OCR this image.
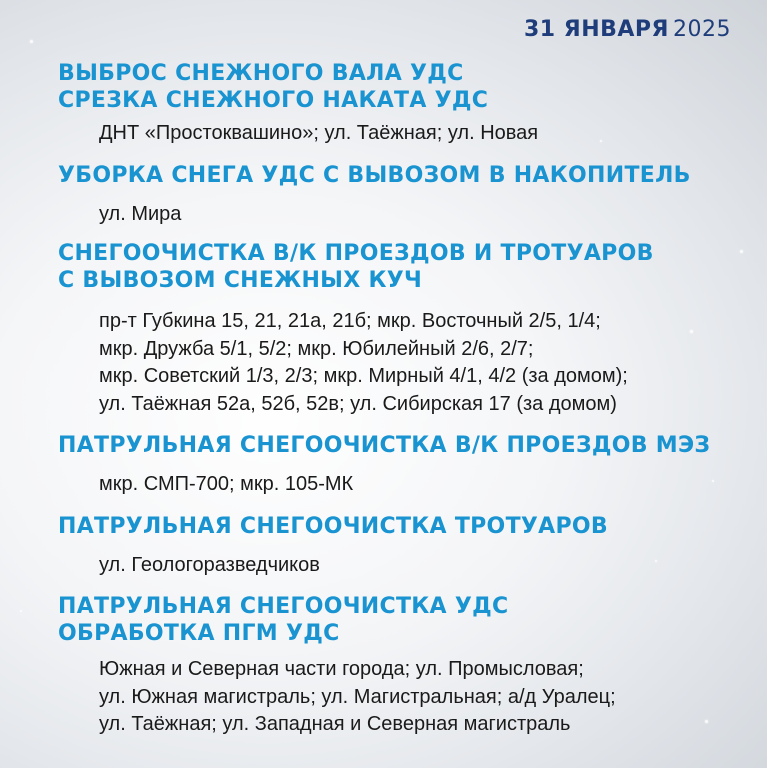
31 ЯНВАРЯ 2025
ВЫБРОС СНЕЖНОГО ВАЛА УДС
СРЕЗКА СНЕЖНОГО НАКАТА УДС
ДНТ «Простоквашино»; ул. Таёжная; ул. Новая
УБОРКА СНЕГА УДС С ВЫВОЗОМ В НАКОПИТЕЛЬ
ул. Мира
СНЕГООЧИСТКА В/К ПРОЕЗДОВ И ТРОТУАРОВ
С ВЫВОЗОМ СНЕЖНЫХ КУЧ
пр-т Губкина 15, 21, 21а, 21б; мкр. Восточный 2/5, 1/4;
мкр. Дружба 5/1, 5/2; мкр. Юбилейный 2/6, 2/7;
мкр. Советский 1/3, 2/3; мкр. Мирный 4/1, 4/2 (за домом);
ул. Таёжная 52а, 52б, 52в; ул. Сибирская 17 (за домом)
ПАТРУЛЬНАЯ СНЕГООЧИСТКА В/К ПРОЕЗДОВ МЭЗ
мкр. СМП-700; мкр. 105-МК
ПАТРУЛЬНАЯ СНЕГООЧИСТКА ТРОТУАРОВ
ул. Геологоразведчиков
ПАТРУЛЬНАЯ СНЕГООЧИСТКА УДС
ОБРАБОТКА ПГМ УДС
Южная и Северная части города; ул. Промысловая;
ул. Южная магистраль; ул. Магистральная; а/д Уралец;
ул. Таёжная; ул. Западная и Северная магистраль
